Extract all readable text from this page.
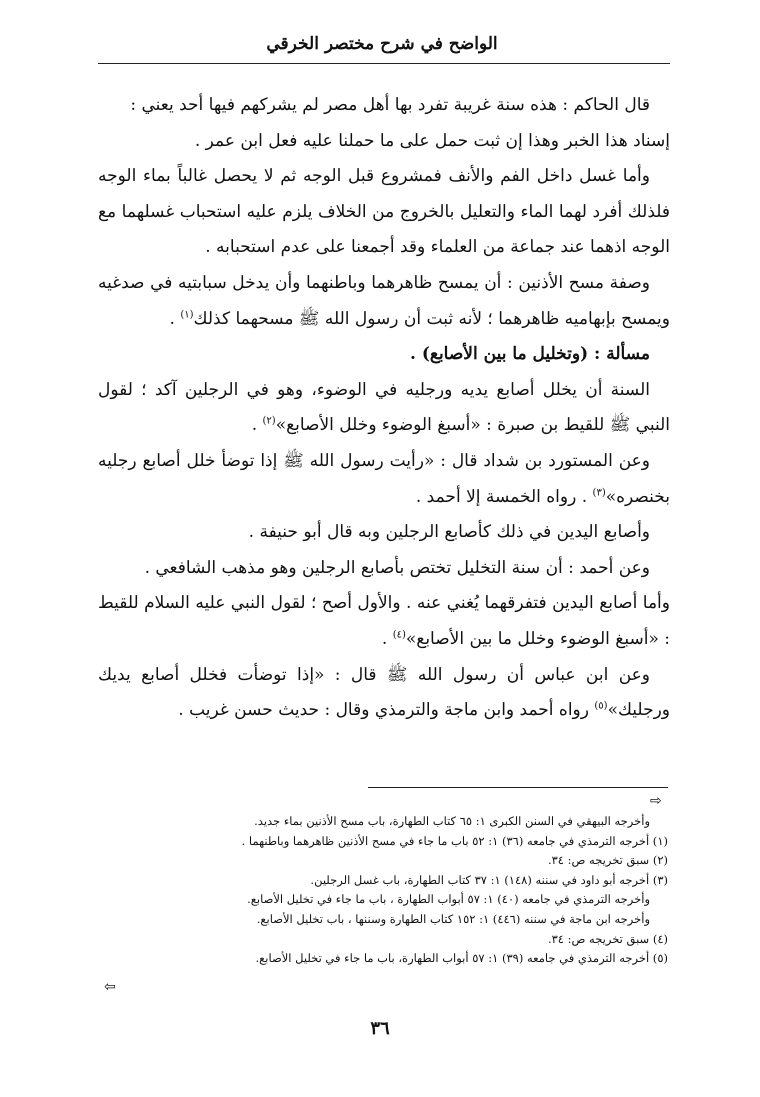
الواضح في شرح مختصر الخرقي

قال الحاكم : هذه سنة غريبة تفرد بها أهل مصر لم يشركهم فيها أحد يعني :

إسناد هذا الخبر وهذا إن ثبت حمل على ما حملنا عليه فعل ابن عمر .

وأما غسل داخل الفم والأنف فمشروع قبل الوجه ثم لا يحصل غالباً بماء الوجه فلذلك أفرد لهما الماء والتعليل بالخروج من الخلاف يلزم عليه استحباب غسلهما مع الوجه اذهما عند جماعة من العلماء وقد أجمعنا على عدم استحبابه .

وصفة مسح الأذنين : أن يمسح ظاهرهما وباطنهما وأن يدخل سبابتيه في صدغيه ويمسح بإبهاميه ظاهرهما ؛ لأنه ثبت أن رسول الله ﷺ مسحهما كذلك$^{(١)}$ .

مسألة : (وتخليل ما بين الأصابع) .

السنة أن يخلل أصابع يديه ورجليه في الوضوء، وهو في الرجلين آكد ؛ لقول النبي ﷺ للقيط بن صبرة : «أسبغ الوضوء وخلل الأصابع»$^{(٢)}$ .

وعن المستورد بن شداد قال : «رأيت رسول الله ﷺ إذا توضأ خلل أصابع رجليه بخنصره»$^{(٣)}$ . رواه الخمسة إلا أحمد .

وأصابع اليدين في ذلك كأصابع الرجلين وبه قال أبو حنيفة .

وعن أحمد : أن سنة التخليل تختص بأصابع الرجلين وهو مذهب الشافعي .

وأما أصابع اليدين فتفرقهما يُغني عنه . والأول أصح ؛ لقول النبي عليه السلام للقيط : «أسبغ الوضوء وخلل ما بين الأصابع»$^{(٤)}$ .

وعن ابن عباس أن رسول الله ﷺ قال : «إذا توضأت فخلل أصابع يديك ورجليك»$^{(٥)}$ رواه أحمد وابن ماجة والترمذي وقال : حديث حسن غريب .

⇨

وأخرجه البيهقي في السنن الكبرى ١: ٦٥ كتاب الطهارة، باب مسح الأذنين بماء جديد.

(١) أخرجه الترمذي في جامعه (٣٦) ١: ٥٢ باب ما جاء في مسح الأذنين ظاهرهما وباطنهما .

(٢) سبق تخريجه ص: ٣٤.

(٣) أخرجه أبو داود في سننه (١٤٨) ١: ٣٧ كتاب الطهارة، باب غسل الرجلين.

وأخرجه الترمذي في جامعه (٤٠) ١: ٥٧ أبواب الطهارة ، باب ما جاء في تخليل الأصابع.

وأخرجه ابن ماجة في سننه (٤٤٦) ١: ١٥٢ كتاب الطهارة وسننها ، باب تخليل الأصابع.

(٤) سبق تخريجه ص: ٣٤.

(٥) أخرجه الترمذي في جامعه (٣٩) ١: ٥٧ أبواب الطهارة، باب ما جاء في تخليل الأصابع.

⇦
٣٦
